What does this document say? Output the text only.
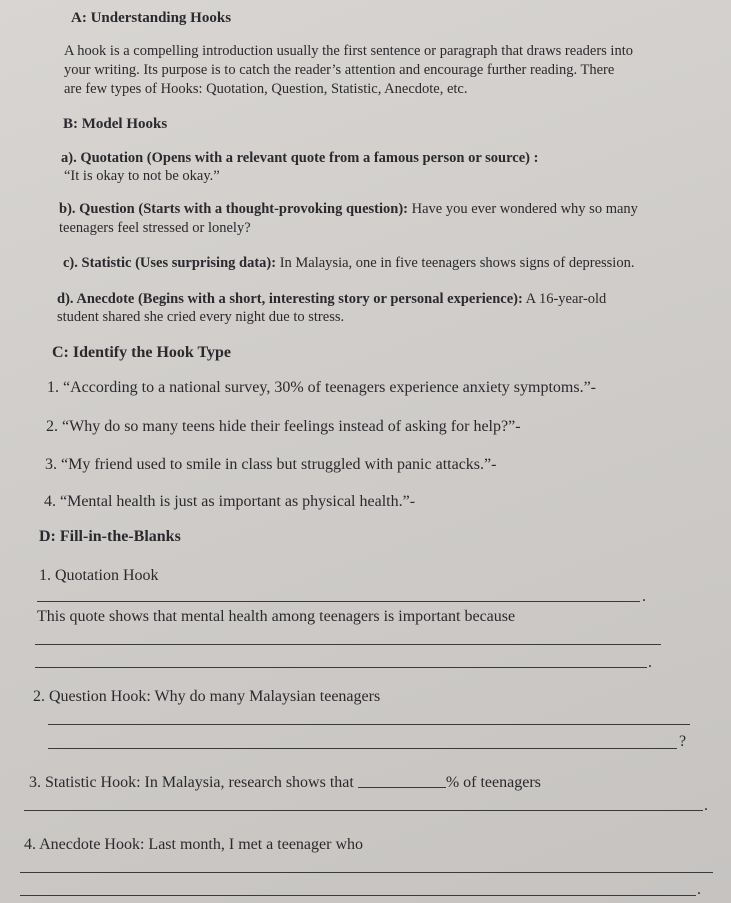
A: Understanding Hooks
A hook is a compelling introduction usually the first sentence or paragraph that draws readers into
your writing. Its purpose is to catch the reader’s attention and encourage further reading. There
are few types of Hooks: Quotation, Question, Statistic, Anecdote, etc.
B: Model Hooks
a). Quotation (Opens with a relevant quote from a famous person or source) :
“It is okay to not be okay.”
b). Question (Starts with a thought-provoking question): Have you ever wondered why so many
teenagers feel stressed or lonely?
c). Statistic (Uses surprising data): In Malaysia, one in five teenagers shows signs of depression.
d). Anecdote (Begins with a short, interesting story or personal experience): A 16-year-old
student shared she cried every night due to stress.
C: Identify the Hook Type
1. “According to a national survey, 30% of teenagers experience anxiety symptoms.”-
2. “Why do so many teens hide their feelings instead of asking for help?”-
3. “My friend used to smile in class but struggled with panic attacks.”-
4. “Mental health is just as important as physical health.”-
D: Fill-in-the-Blanks
1. Quotation Hook
.
This quote shows that mental health among teenagers is important because
.
2. Question Hook: Why do many Malaysian teenagers
?
3. Statistic Hook: In Malaysia, research shows that	% of teenagers
.
4. Anecdote Hook: Last month, I met a teenager who
.
